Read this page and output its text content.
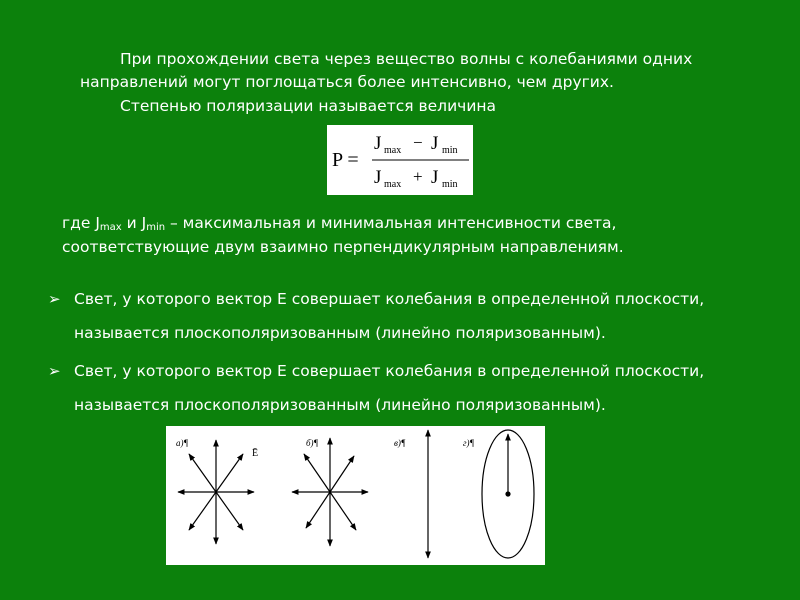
При прохождении света через вещество волны с колебаниями одних
направлений могут поглощаться более интенсивно, чем других.
Степенью поляризации называется величина
P =
J max − J min
J max + J min
где $J_{max}$ и $J_{min}$ – максимальная и минимальная интенсивности света,
соответствующие двум взаимно перпендикулярным направлениям.
➢ Свет, у которого вектор Е совершает колебания в определенной плоскости,
называется плоскополяризованным (линейно поляризованным).
➢ Свет, у которого вектор Е совершает колебания в определенной плоскости,
называется плоскополяризованным (линейно поляризованным).
а)¶	б)¶	в)¶	г)¶
Ē
